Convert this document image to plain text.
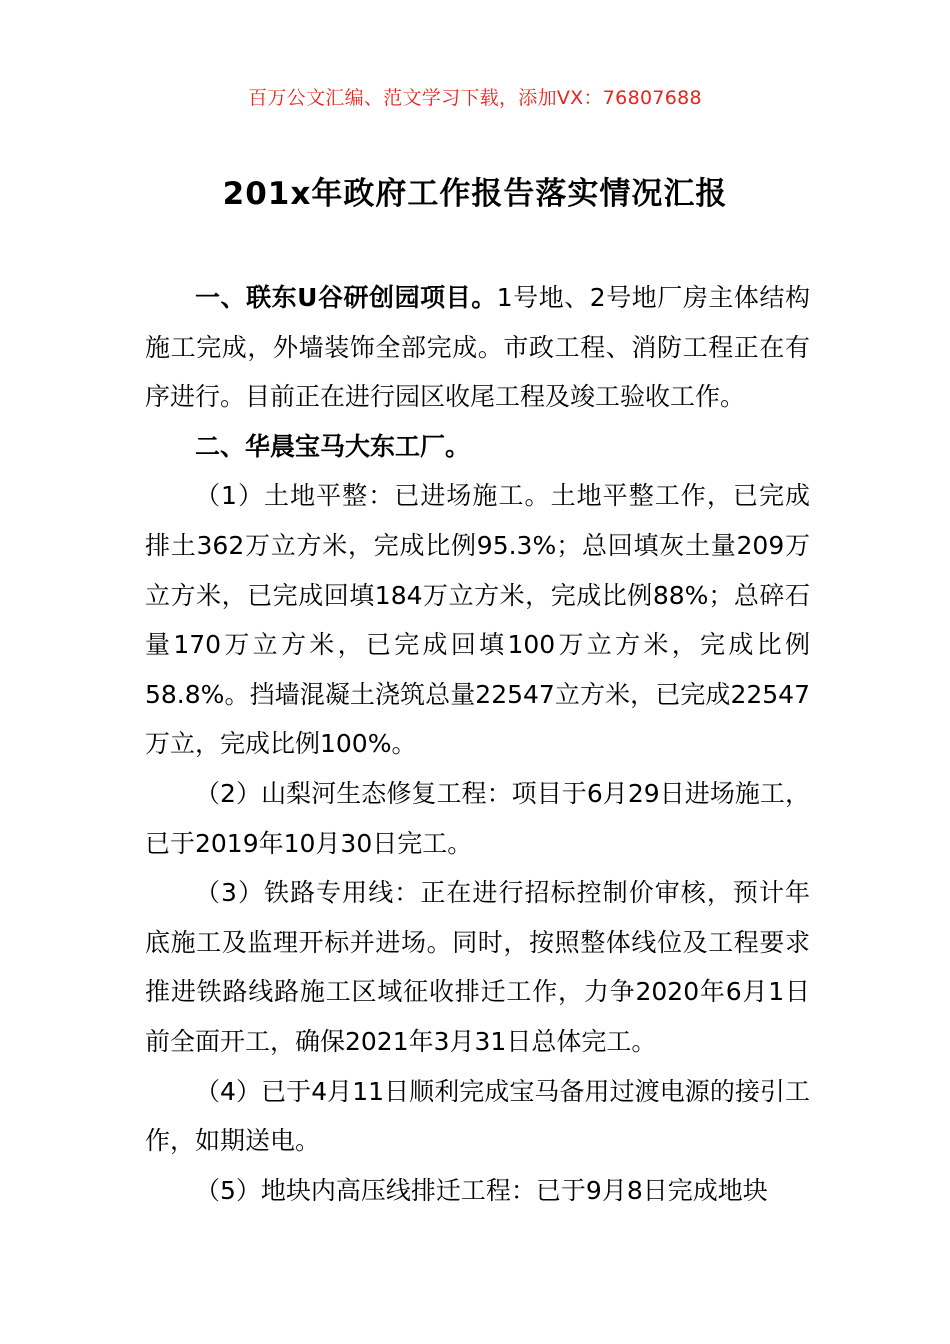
百万公文汇编、范文学习下载，添加VX：76807688
201x年政府工作报告落实情况汇报

一、联东U谷研创园项目。1号地、2号地厂房主体结构施工完成，外墙装饰全部完成。市政工程、消防工程正在有序进行。目前正在进行园区收尾工程及竣工验收工作。

二、华晨宝马大东工厂。

（1）土地平整：已进场施工。土地平整工作，已完成排土362万立方米，完成比例95.3%；总回填灰土量209万立方米，已完成回填184万立方米，完成比例88%；总碎石量170万立方米，已完成回填100万立方米，完成比例58.8%。挡墙混凝土浇筑总量22547立方米，已完成22547万立，完成比例100%。

（2）山梨河生态修复工程：项目于6月29日进场施工，已于2019年10月30日完工。

（3）铁路专用线：正在进行招标控制价审核，预计年底施工及监理开标并进场。同时，按照整体线位及工程要求推进铁路线路施工区域征收排迁工作，力争2020年6月1日前全面开工，确保2021年3月31日总体完工。

（4）已于4月11日顺利完成宝马备用过渡电源的接引工作，如期送电。

（5）地块内高压线排迁工程：已于9月8日完成地块
